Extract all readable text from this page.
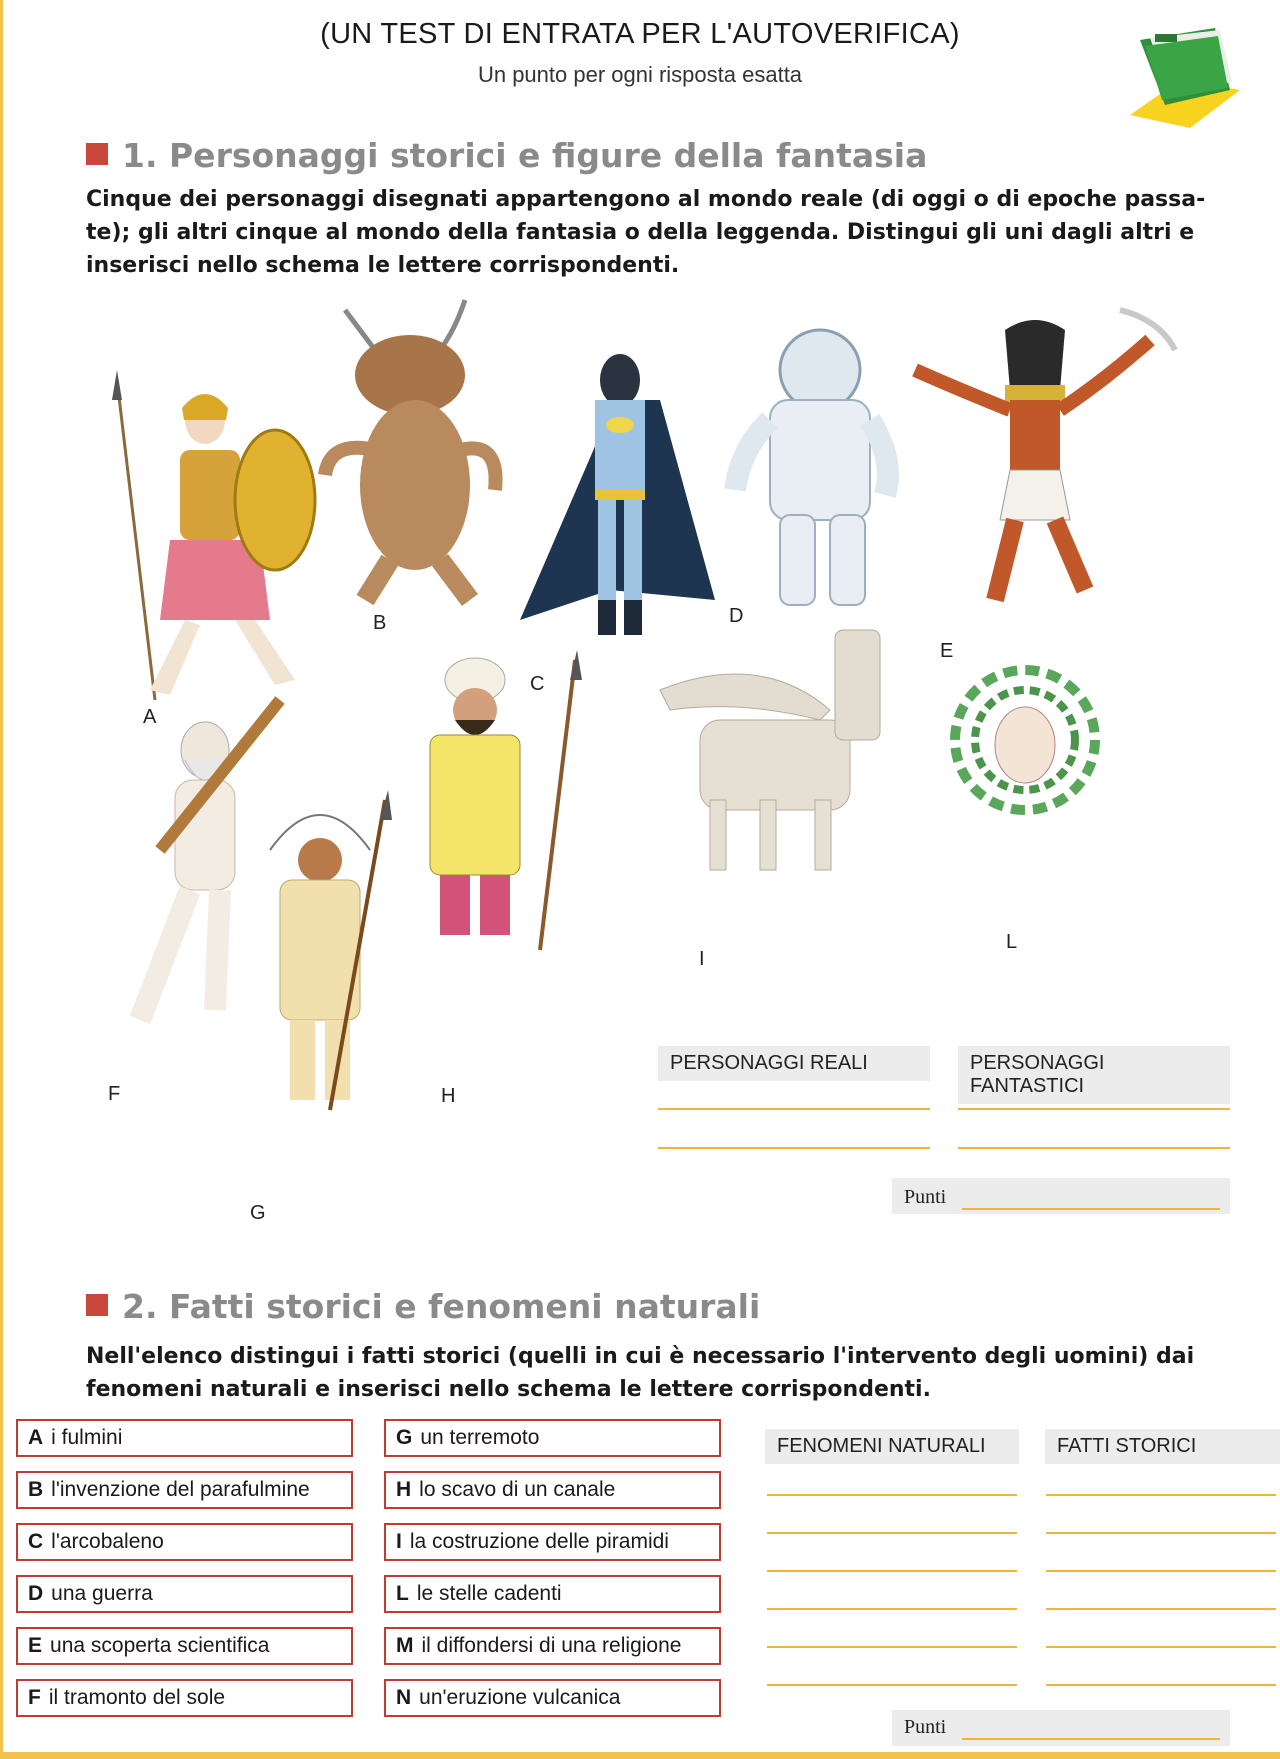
(UN TEST DI ENTRATA PER L'AUTOVERIFICA)
Un punto per ogni risposta esatta
1. Personaggi storici e figure della fantasia
Cinque dei personaggi disegnati appartengono al mondo reale (di oggi o di epoche passa-
te); gli altri cinque al mondo della fantasia o della leggenda. Distingui gli uni dagli altri e
inserisci nello schema le lettere corrispondenti.
A
B
C
D
E
F
G
H
I
L
PERSONAGGI REALI	PERSONAGGI FANTASTICI
Punti
2. Fatti storici e fenomeni naturali
Nell'elenco distingui i fatti storici (quelli in cui è necessario l'intervento degli uomini) dai
fenomeni naturali e inserisci nello schema le lettere corrispondenti.
A i fulmini
B l'invenzione del parafulmine
C l'arcobaleno
D una guerra
E una scoperta scientifica
F il tramonto del sole
G un terremoto
H lo scavo di un canale
I la costruzione delle piramidi
L le stelle cadenti
M il diffondersi di una religione
N un'eruzione vulcanica
FENOMENI NATURALI	FATTI STORICI
Punti
